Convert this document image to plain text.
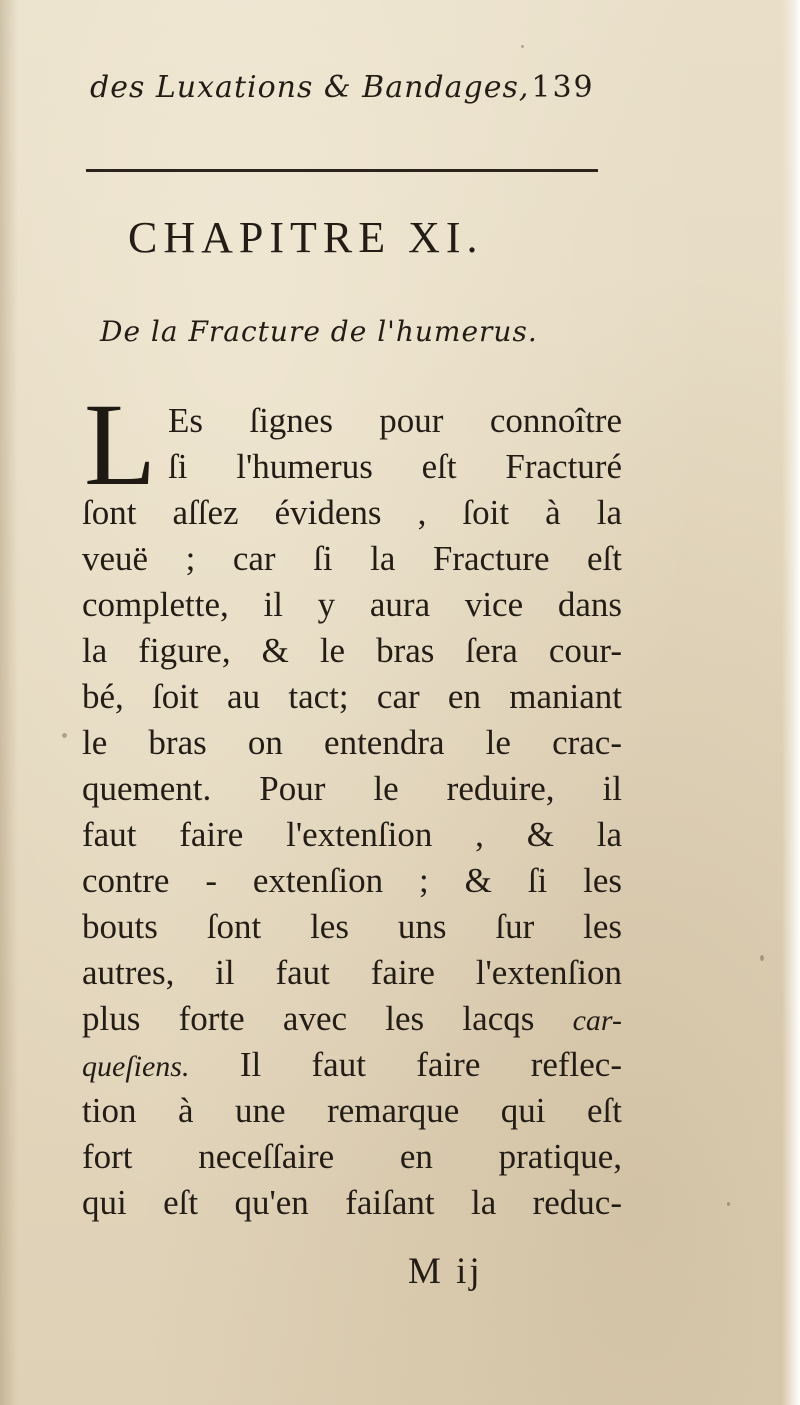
des Luxations & Bandages,139
CHAPITRE XI.
De la Fracture de l'humerus.
L Es ſignes pour connoître
ſi l'humerus eſt Fracturé
ſont aſſez évidens , ſoit à la
veuë ; car ſi la Fracture eſt
complette, il y aura vice dans
la figure, & le bras ſera cour-
bé, ſoit au tact; car en maniant
le bras on entendra le crac-
quement. Pour le reduire, il
faut faire l'extenſion , & la
contre - extenſion ; & ſi les
bouts ſont les uns ſur les
autres, il faut faire l'extenſion
plus forte avec les lacqs car-
queſiens. Il faut faire reflec-
tion à une remarque qui eſt
fort neceſſaire en pratique,
qui eſt qu'en faiſant la reduc-
M ij
